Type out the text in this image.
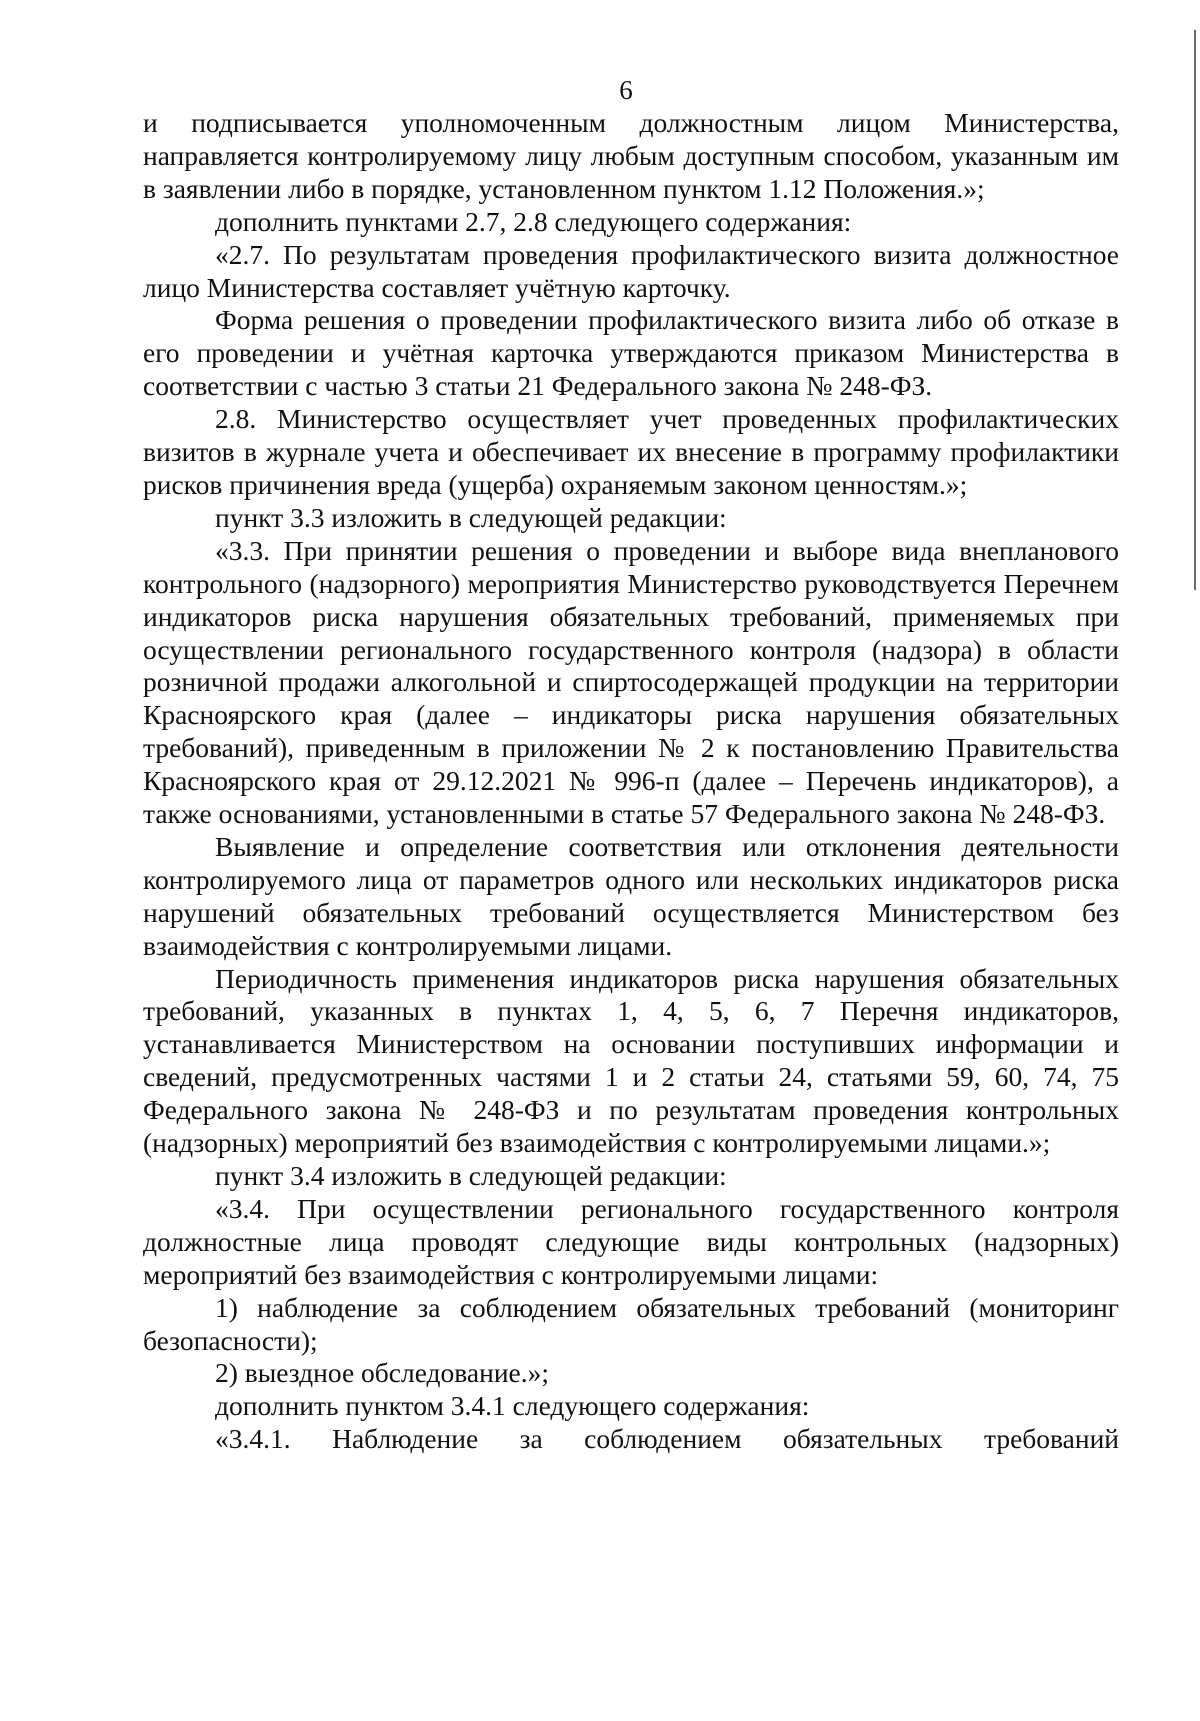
6

и подписывается уполномоченным должностным лицом Министерства, направляется контролируемому лицу любым доступным способом, указанным им в заявлении либо в порядке, установленном пунктом 1.12 Положения.»;

дополнить пунктами 2.7, 2.8 следующего содержания:

«2.7. По результатам проведения профилактического визита должностное лицо Министерства составляет учётную карточку.

Форма решения о проведении профилактического визита либо об отказе в его проведении и учётная карточка утверждаются приказом Министерства в соответствии с частью 3 статьи 21 Федерального закона № 248-ФЗ.

2.8. Министерство осуществляет учет проведенных профилактических визитов в журнале учета и обеспечивает их внесение в программу профилактики рисков причинения вреда (ущерба) охраняемым законом ценностям.»;

пункт 3.3 изложить в следующей редакции:

«3.3. При принятии решения о проведении и выборе вида внепланового контрольного (надзорного) мероприятия Министерство руководствуется Перечнем индикаторов риска нарушения обязательных требований, применяемых при осуществлении регионального государственного контроля (надзора) в области розничной продажи алкогольной и спиртосодержащей продукции на территории Красноярского края (далее – индикаторы риска нарушения обязательных требований), приведенным в приложении № 2 к постановлению Правительства Красноярского края от 29.12.2021 № 996-п (далее – Перечень индикаторов), а также основаниями, установленными в статье 57 Федерального закона № 248-ФЗ.

Выявление и определение соответствия или отклонения деятельности контролируемого лица от параметров одного или нескольких индикаторов риска нарушений обязательных требований осуществляется Министерством без взаимодействия с контролируемыми лицами.

Периодичность применения индикаторов риска нарушения обязательных требований, указанных в пунктах 1, 4, 5, 6, 7 Перечня индикаторов, устанавливается Министерством на основании поступивших информации и сведений, предусмотренных частями 1 и 2 статьи 24, статьями 59, 60, 74, 75 Федерального закона № 248-ФЗ и по результатам проведения контрольных (надзорных) мероприятий без взаимодействия с контролируемыми лицами.»;

пункт 3.4 изложить в следующей редакции:

«3.4. При осуществлении регионального государственного контроля должностные лица проводят следующие виды контрольных (надзорных) мероприятий без взаимодействия с контролируемыми лицами:

1) наблюдение за соблюдением обязательных требований (мониторинг безопасности);

2) выездное обследование.»;

дополнить пунктом 3.4.1 следующего содержания:

«3.4.1. Наблюдение за соблюдением обязательных требований
